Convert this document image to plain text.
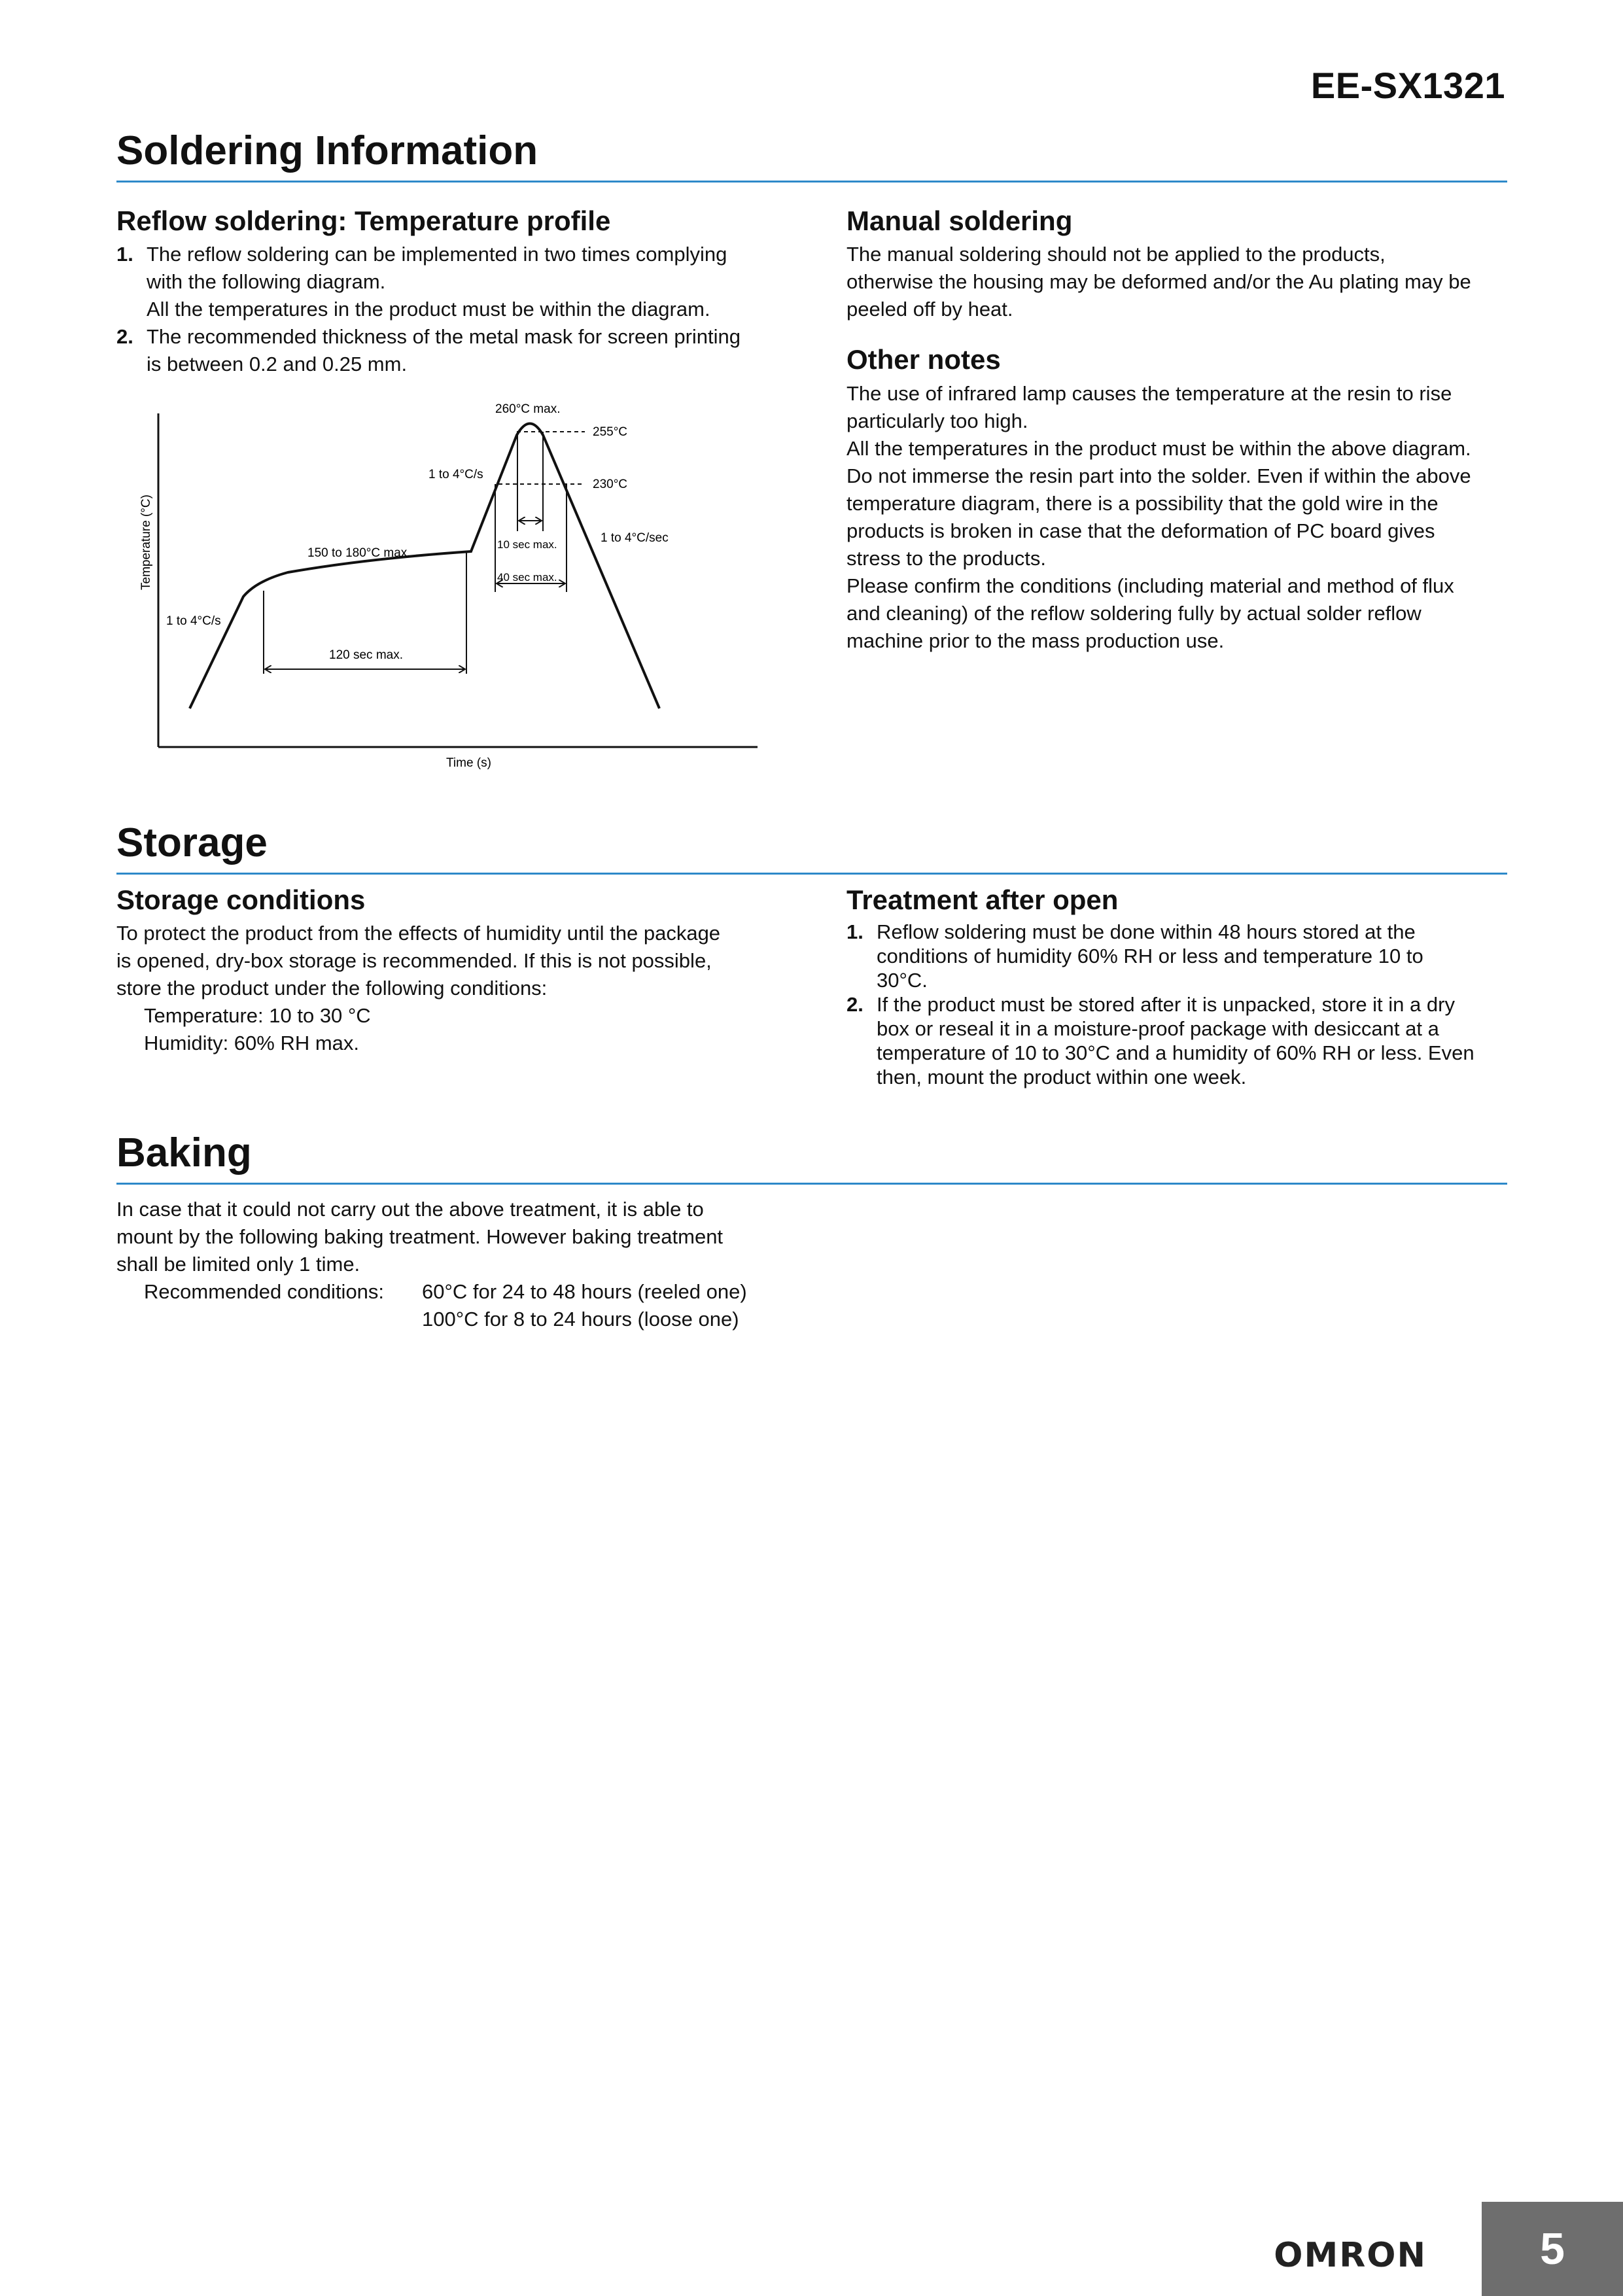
EE-SX1321
Soldering Information
Reflow soldering: Temperature profile
1. The reflow soldering can be implemented in two times complying
with the following diagram.
All the temperatures in the product must be within the diagram.
2. The recommended thickness of the metal mask for screen printing
is between 0.2 and 0.25 mm.
260°C max.
255°C
230°C
1 to 4°C/s
1 to 4°C/sec
150 to 180°C max.
1 to 4°C/s
120 sec max.
10 sec max.
40 sec max.
Time (s)
Temperature (°C)
Manual soldering
The manual soldering should not be applied to the products,
otherwise the housing may be deformed and/or the Au plating may be
peeled off by heat.
Other notes
The use of infrared lamp causes the temperature at the resin to rise
particularly too high.
All the temperatures in the product must be within the above diagram.
Do not immerse the resin part into the solder. Even if within the above
temperature diagram, there is a possibility that the gold wire in the
products is broken in case that the deformation of PC board gives
stress to the products.
Please confirm the conditions (including material and method of flux
and cleaning) of the reflow soldering fully by actual solder reflow
machine prior to the mass production use.
Storage
Storage conditions
To protect the product from the effects of humidity until the package
is opened, dry-box storage is recommended. If this is not possible,
store the product under the following conditions:
Temperature: 10 to 30 °C
Humidity: 60% RH max.
Treatment after open
1. Reflow soldering must be done within 48 hours stored at the
conditions of humidity 60% RH or less and temperature 10 to
30°C.
2. If the product must be stored after it is unpacked, store it in a dry
box or reseal it in a moisture-proof package with desiccant at a
temperature of 10 to 30°C and a humidity of 60% RH or less. Even
then, mount the product within one week.
Baking
In case that it could not carry out the above treatment, it is able to
mount by the following baking treatment. However baking treatment
shall be limited only 1 time.
Recommended conditions:	60°C for 24 to 48 hours (reeled one)
100°C for 8 to 24 hours (loose one)
OMRON	5
